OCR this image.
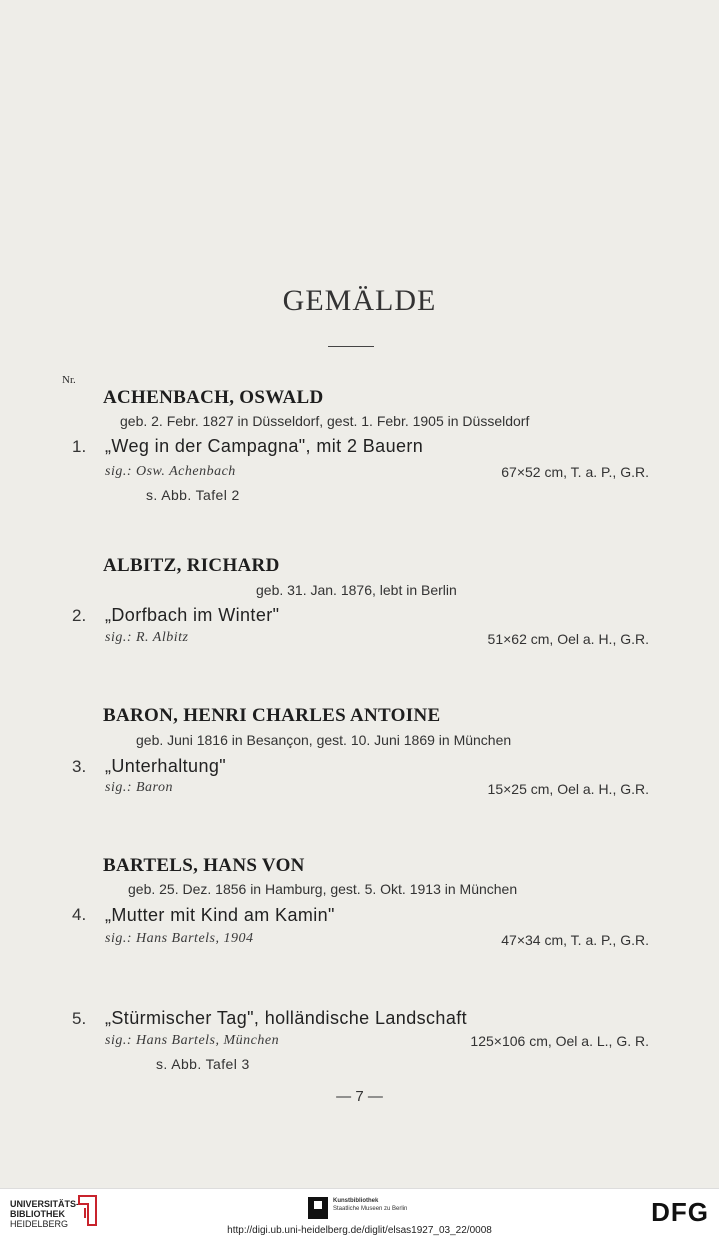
GEMÄLDE
Nr.
ACHENBACH, OSWALD
geb. 2. Febr. 1827 in Düsseldorf, gest. 1. Febr. 1905 in Düsseldorf
1. „Weg in der Campagna", mit 2 Bauern
sig.: Osw. Achenbach	67×52 cm, T. a. P., G.R.
s. Abb. Tafel 2
ALBITZ, RICHARD
geb. 31. Jan. 1876, lebt in Berlin
2. „Dorfbach im Winter"
sig.: R. Albitz	51×62 cm, Oel a. H., G.R.
BARON, HENRI CHARLES ANTOINE
geb. Juni 1816 in Besançon, gest. 10. Juni 1869 in München
3. „Unterhaltung"
sig.: Baron	15×25 cm, Oel a. H., G.R.
BARTELS, HANS VON
geb. 25. Dez. 1856 in Hamburg, gest. 5. Okt. 1913 in München
4. „Mutter mit Kind am Kamin"
sig.: Hans Bartels, 1904	47×34 cm, T. a. P., G.R.
5. „Stürmischer Tag", holländische Landschaft
sig.: Hans Bartels, München	125×106 cm, Oel a. L., G. R.
s. Abb. Tafel 3
— 7 —
UNIVERSITÄTS-
BIBLIOTHEK
HEIDELBERG
Kunstbibliothek
Staatliche Museen zu Berlin	DFG
http://digi.ub.uni-heidelberg.de/diglit/elsas1927_03_22/0008
